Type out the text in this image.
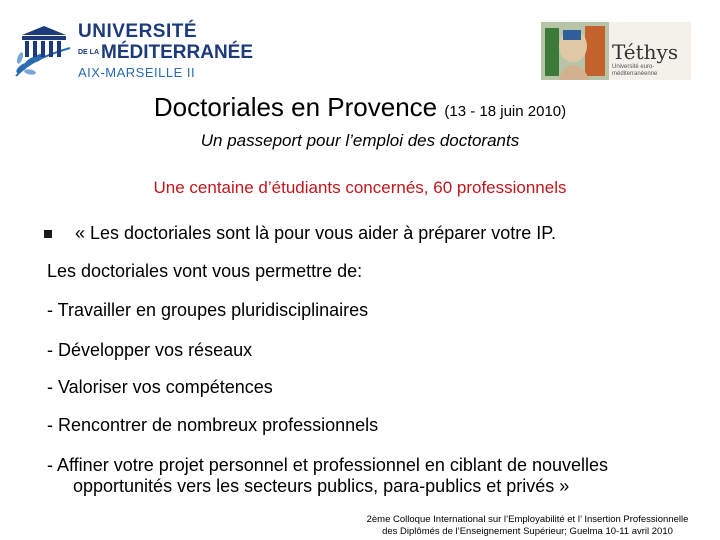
UNIVERSITÉ
DE LA MÉDITERRANÉE
AIX-MARSEILLE II
Téthys
Université euro-méditerranéenne
Doctoriales en Provence (13 - 18 juin 2010)
Un passeport pour l’emploi des doctorants
Une centaine d’étudiants concernés, 60 professionnels
« Les doctoriales sont là pour vous aider à préparer votre IP.
Les doctoriales vont vous permettre de:
- Travailler en groupes pluridisciplinaires
- Développer vos réseaux
- Valoriser vos compétences
- Rencontrer de nombreux professionnels
- Affiner votre projet personnel et professionnel en ciblant de nouvelles
opportunités vers les secteurs publics, para-publics et privés »
2ème Colloque International sur l’Employabilité et l’ Insertion Professionnelle
des Diplômés de l’Enseignement Supérieur; Guelma 10-11 avril 2010
